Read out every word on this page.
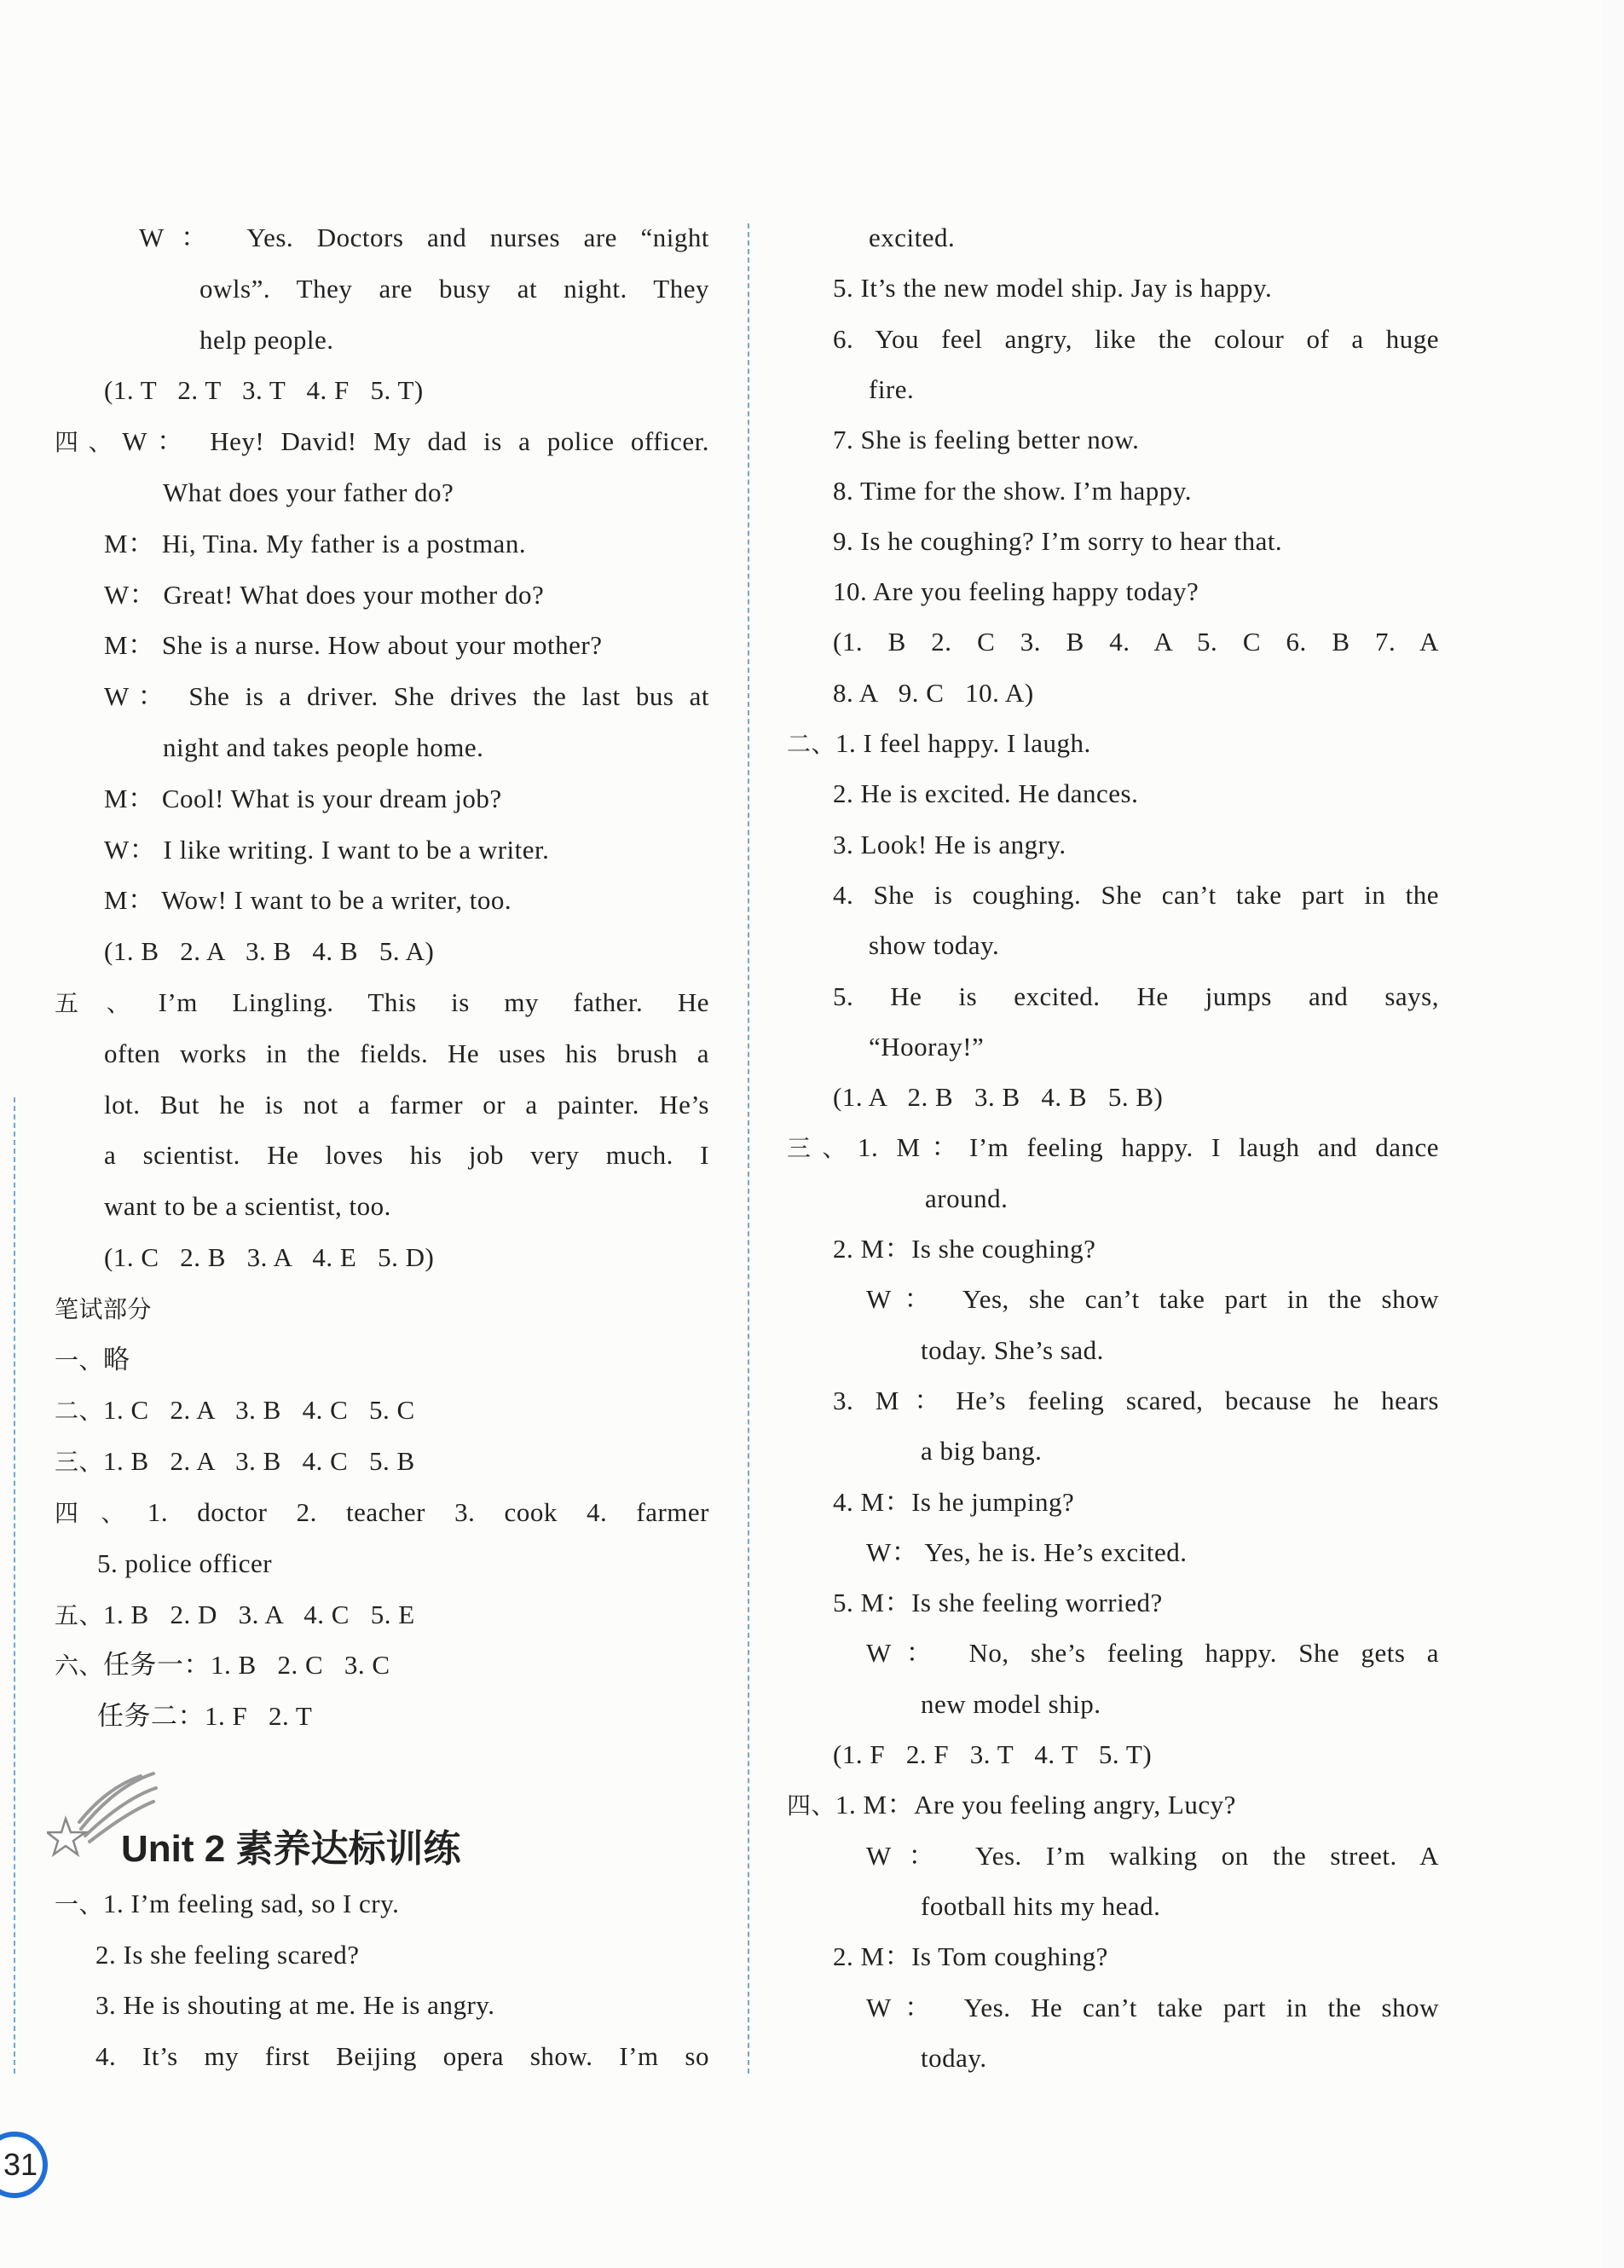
W： Yes. Doctors and nurses are “night
owls”. They are busy at night. They
help people.
(1. T   2. T   3. T   4. F   5. T)
四、W： Hey! David! My dad is a police officer.
What does your father do?
M： Hi, Tina. My father is a postman.
W： Great! What does your mother do?
M： She is a nurse. How about your mother?
W： She is a driver. She drives the last bus at
night and takes people home.
M： Cool! What is your dream job?
W： I like writing. I want to be a writer.
M： Wow! I want to be a writer, too.
(1. B   2. A   3. B   4. B   5. A)
五、I’m Lingling. This is my father. He
often works in the fields. He uses his brush a
lot. But he is not a farmer or a painter. He’s
a scientist. He loves his job very much. I
want to be a scientist, too.
(1. C   2. B   3. A   4. E   5. D)
笔试部分
一、略
二、1. C   2. A   3. B   4. C   5. C
三、1. B   2. A   3. B   4. C   5. B
四、1. doctor 2. teacher 3. cook 4. farmer
5. police officer
五、1. B   2. D   3. A   4. C   5. E
六、任务一：1. B   2. C   3. C
任务二：1. F   2. T
一、1. I’m feeling sad, so I cry.
2. Is she feeling scared?
3. He is shouting at me. He is angry.
4. It’s my first Beijing opera show. I’m so
excited.
5. It’s the new model ship. Jay is happy.
6. You feel angry, like the colour of a huge
fire.
7. She is feeling better now.
8. Time for the show. I’m happy.
9. Is he coughing? I’m sorry to hear that.
10. Are you feeling happy today?
(1. B 2. C 3. B 4. A 5. C 6. B 7. A
8. A   9. C   10. A)
二、1. I feel happy. I laugh.
2. He is excited. He dances.
3. Look! He is angry.
4. She is coughing. She can’t take part in the
show today.
5. He is excited. He jumps and says,
“Hooray!”
(1. A   2. B   3. B   4. B   5. B)
三、1. M：I’m feeling happy. I laugh and dance
around.
2. M：Is she coughing?
W： Yes, she can’t take part in the show
today. She’s sad.
3. M：He’s feeling scared, because he hears
a big bang.
4. M：Is he jumping?
W： Yes, he is. He’s excited.
5. M：Is she feeling worried?
W： No, she’s feeling happy. She gets a
new model ship.
(1. F   2. F   3. T   4. T   5. T)
四、1. M：Are you feeling angry, Lucy?
W： Yes. I’m walking on the street. A
football hits my head.
2. M：Is Tom coughing?
W： Yes. He can’t take part in the show
today.
Unit 2 素养达标训练
31
